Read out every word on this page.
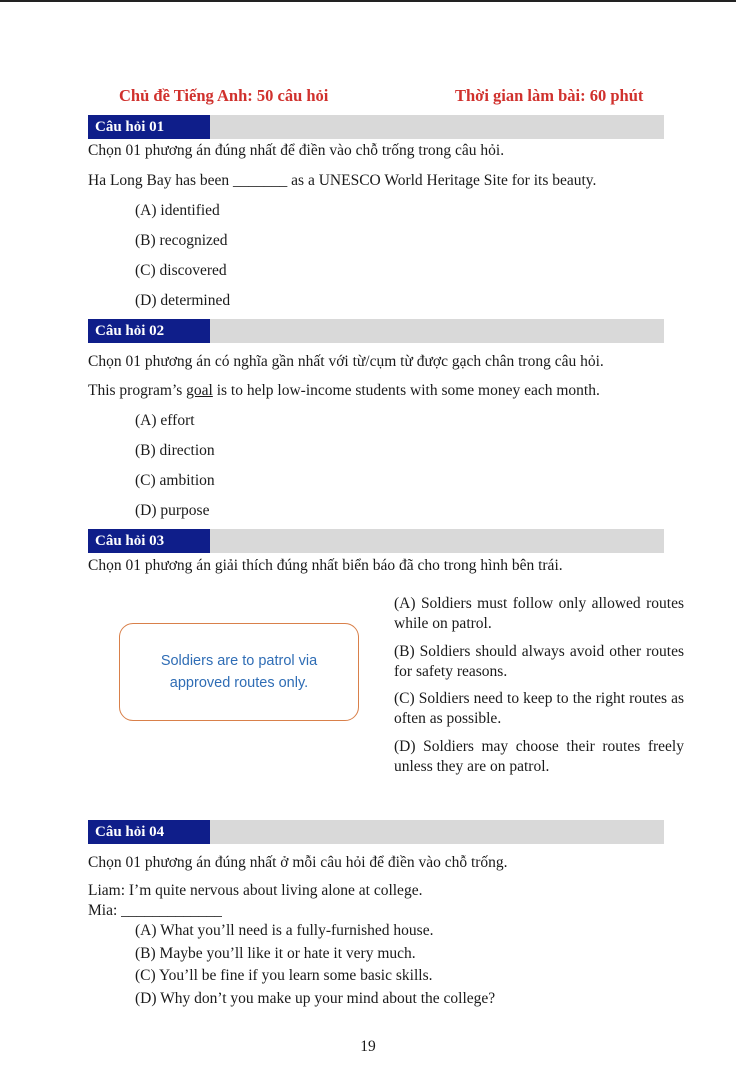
Chủ đề Tiếng Anh: 50 câu hỏi	Thời gian làm bài: 60 phút
Câu hỏi 01
Chọn 01 phương án đúng nhất để điền vào chỗ trống trong câu hỏi.
Ha Long Bay has been _______ as a UNESCO World Heritage Site for its beauty.
(A) identified
(B) recognized
(C) discovered
(D) determined
Câu hỏi 02
Chọn 01 phương án có nghĩa gần nhất với từ/cụm từ được gạch chân trong câu hỏi.
This program’s goal is to help low-income students with some money each month.
(A) effort
(B) direction
(C) ambition
(D) purpose
Câu hỏi 03
Chọn 01 phương án giải thích đúng nhất biển báo đã cho trong hình bên trái.
Soldiers are to patrol via
approved routes only.
(A) Soldiers must follow only allowed routes while on patrol.
(B) Soldiers should always avoid other routes for safety reasons.
(C) Soldiers need to keep to the right routes as often as possible.
(D) Soldiers may choose their routes freely unless they are on patrol.
Câu hỏi 04
Chọn 01 phương án đúng nhất ở mỗi câu hỏi để điền vào chỗ trống.
Liam: I’m quite nervous about living alone at college.
Mia: _____________
(A) What you’ll need is a fully-furnished house.
(B) Maybe you’ll like it or hate it very much.
(C) You’ll be fine if you learn some basic skills.
(D) Why don’t you make up your mind about the college?
19
